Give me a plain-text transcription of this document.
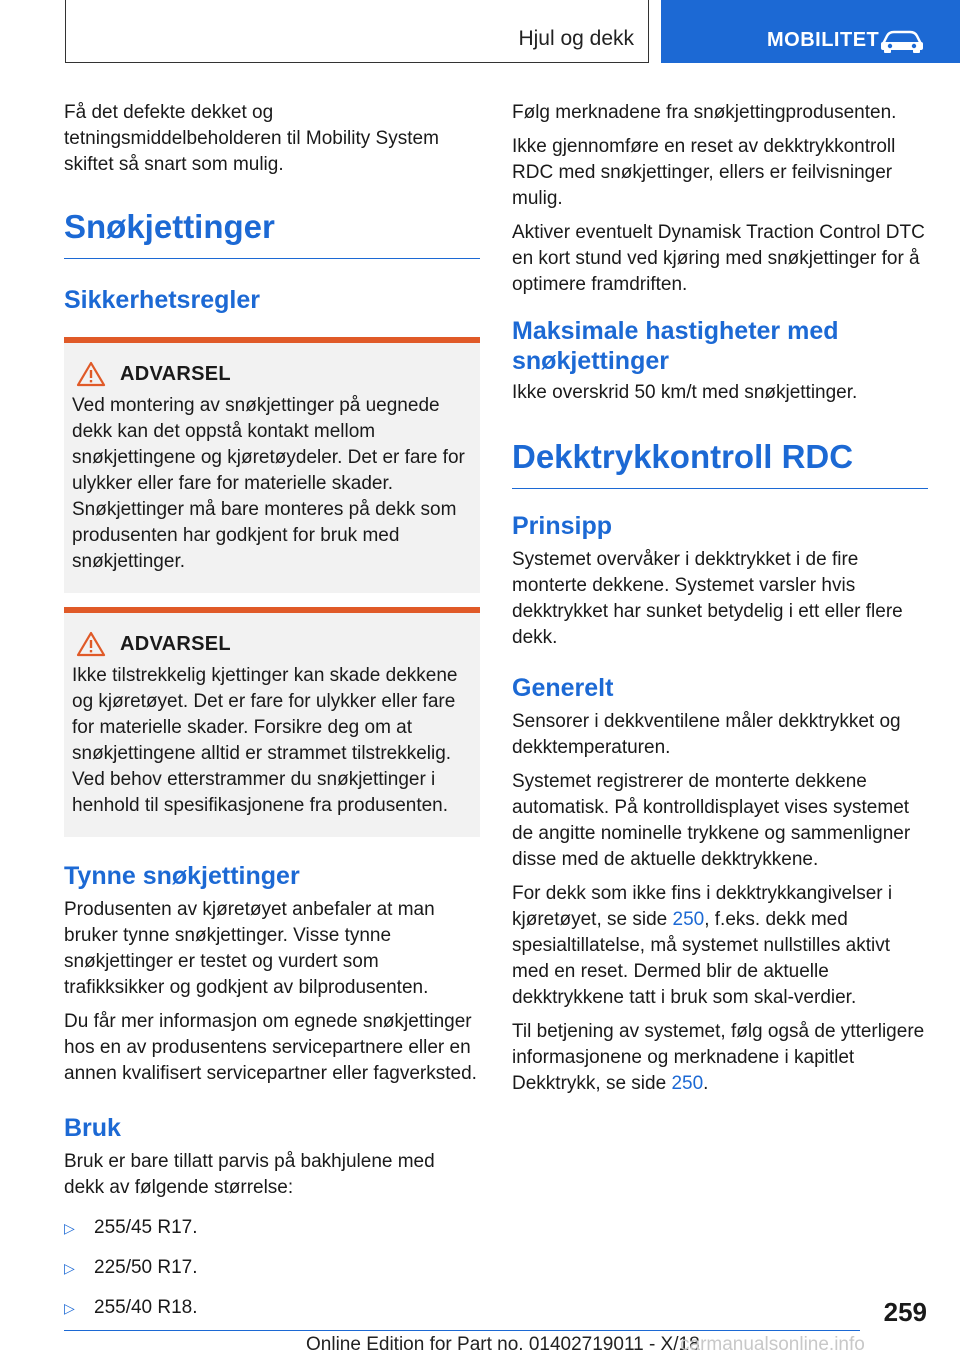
Hjul og dekk	MOBILITET

Få det defekte dekket og tetningsmiddelbeholderen til Mobility System skiftet så snart som mulig.

Snøkjettinger
Sikkerhetsregler
ADVARSEL

Ved montering av snøkjettinger på uegnede dekk kan det oppstå kontakt mellom snøkjettingene og kjøretøydeler. Det er fare for ulykker eller fare for materielle skader. Snøkjettinger må bare monteres på dekk som produsenten har godkjent for bruk med snøkjettinger.

ADVARSEL

Ikke tilstrekkelig kjettinger kan skade dekkene og kjøretøyet. Det er fare for ulykker eller fare for materielle skader. Forsikre deg om at snøkjettingene alltid er strammet tilstrekkelig. Ved behov etterstrammer du snøkjettinger i henhold til spesifikasjonene fra produsenten.

Tynne snøkjettinger

Produsenten av kjøretøyet anbefaler at man bruker tynne snøkjettinger. Visse tynne snøkjettinger er testet og vurdert som trafikksikker og godkjent av bilprodusenten.

Du får mer informasjon om egnede snøkjettinger hos en av produsentens servicepartnere eller en annen kvalifisert servicepartner eller fagverksted.

Bruk

Bruk er bare tillatt parvis på bakhjulene med dekk av følgende størrelse:

▷	255/45 R17.
▷	225/50 R17.
▷	255/40 R18.

Følg merknadene fra snøkjettingprodusenten.

Ikke gjennomføre en reset av dekktrykkontroll RDC med snøkjettinger, ellers er feilvisninger mulig.

Aktiver eventuelt Dynamisk Traction Control DTC en kort stund ved kjøring med snøkjettinger for å optimere framdriften.

Maksimale hastigheter med snøkjettinger

Ikke overskrid 50 km/t med snøkjettinger.

Dekktrykkontroll RDC
Prinsipp

Systemet overvåker i dekktrykket i de fire monterte dekkene. Systemet varsler hvis dekktrykket har sunket betydelig i ett eller flere dekk.

Generelt

Sensorer i dekkventilene måler dekktrykket og dekktemperaturen.

Systemet registrerer de monterte dekkene automatisk. På kontrolldisplayet vises systemet de angitte nominelle trykkene og sammenligner disse med de aktuelle dekktrykkene.

For dekk som ikke fins i dekktrykkangivelser i kjøretøyet, se side 250, f.eks. dekk med spesialtillatelse, må systemet nullstilles aktivt med en reset. Dermed blir de aktuelle dekktrykkene tatt i bruk som skal-verdier.

Til betjening av systemet, følg også de ytterligere informasjonene og merknadene i kapitlet Dekktrykk, se side 250.

259
Online Edition for Part no. 01402719011 - X/18
carmanualsonline.info
